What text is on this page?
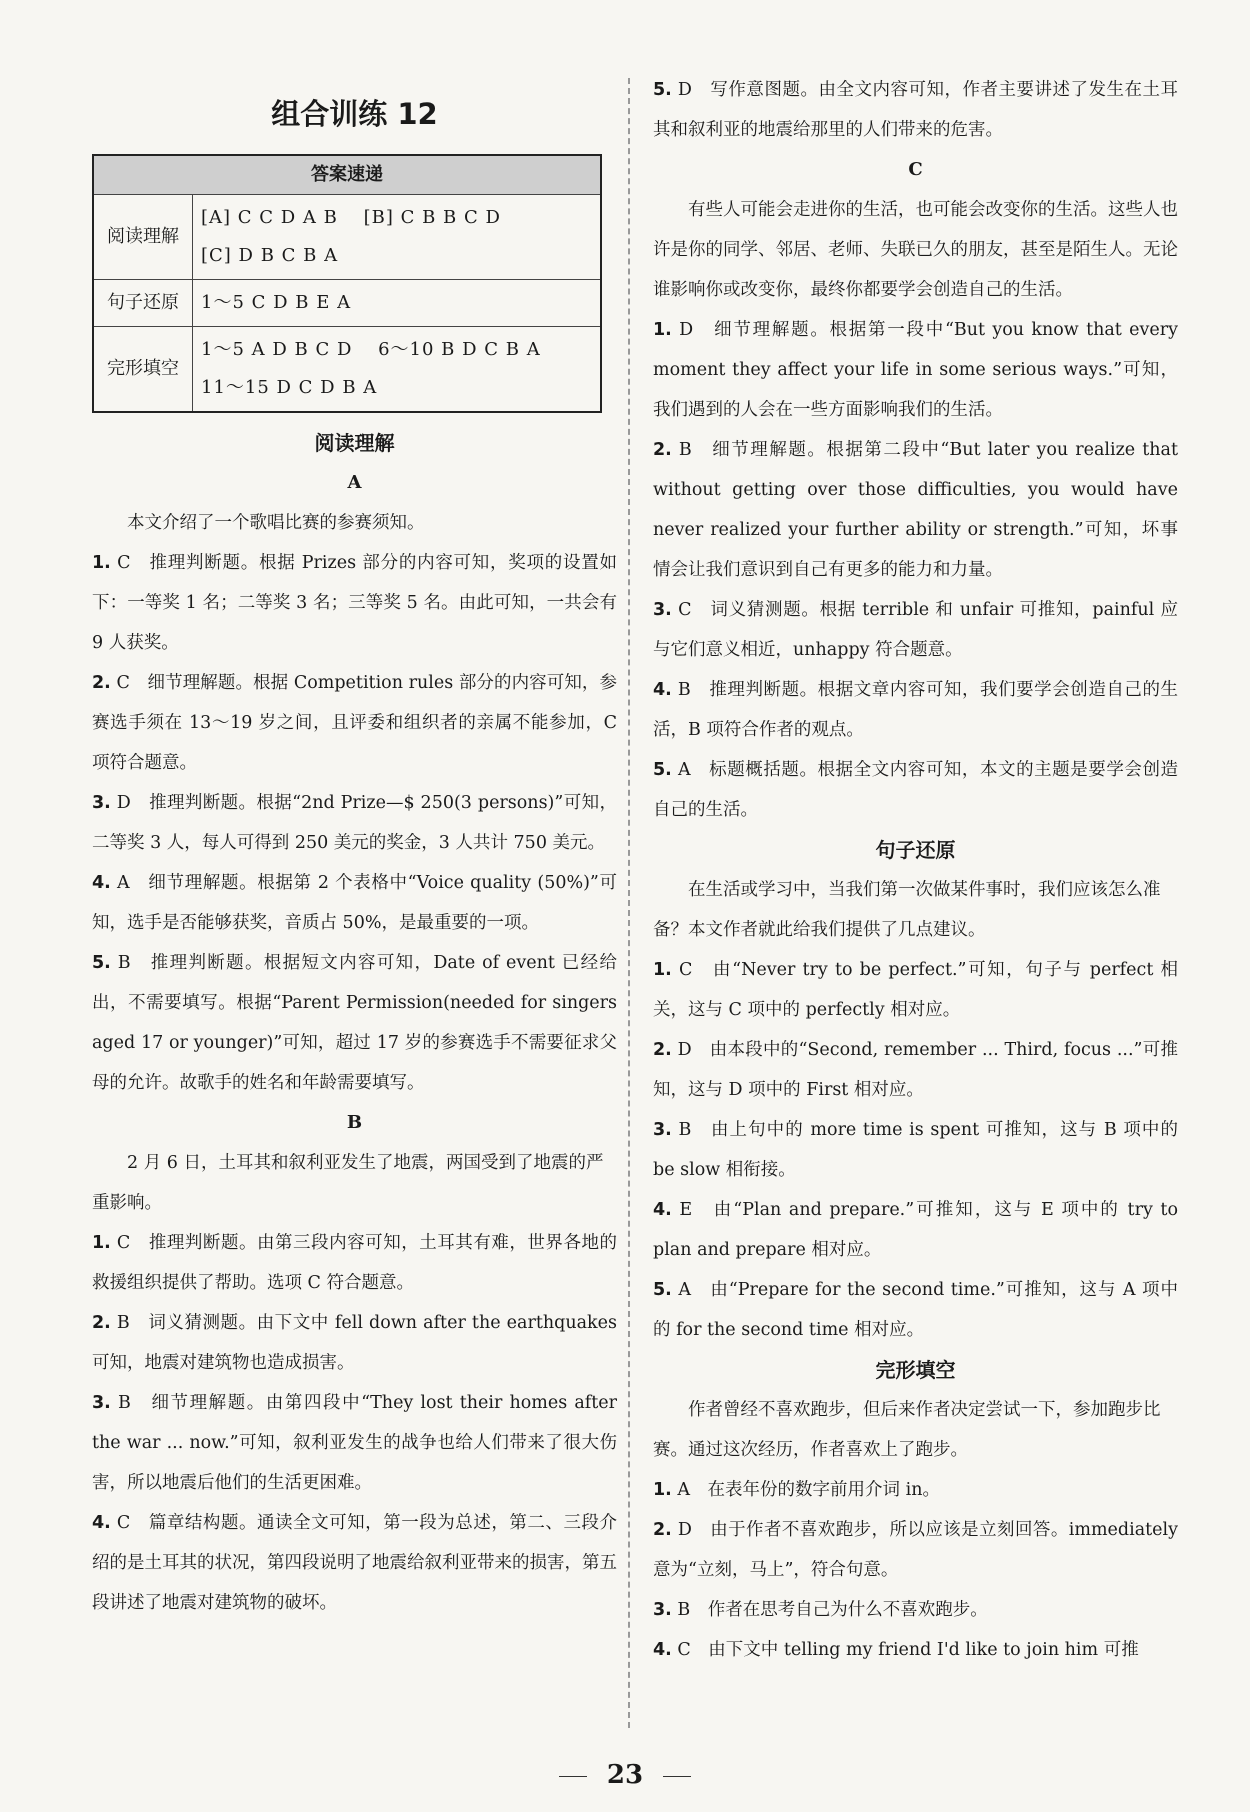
组合训练 12
答案速递	
阅读理解	[A] C C D A B　 [B] C B B C D
[C] D B C B A

句子还原	1～5 C D B E A

完形填空	1～5 A D B C D　 6～10 B D C B A
11～15 D C D B A
阅读理解
A

本文介绍了一个歌唱比赛的参赛须知。

1. C　推理判断题。根据 Prizes 部分的内容可知，奖项的设置如下：一等奖 1 名；二等奖 3 名；三等奖 5 名。由此可知，一共会有 9 人获奖。

2. C　细节理解题。根据 Competition rules 部分的内容可知，参赛选手须在 13～19 岁之间，且评委和组织者的亲属不能参加，C 项符合题意。

3. D　推理判断题。根据“2nd Prize—$ 250(3 persons)”可知，二等奖 3 人，每人可得到 250 美元的奖金，3 人共计 750 美元。

4. A　细节理解题。根据第 2 个表格中“Voice quality (50%)”可知，选手是否能够获奖，音质占 50%，是最重要的一项。

5. B　推理判断题。根据短文内容可知，Date of event 已经给出，不需要填写。根据“Parent Permission(needed for singers aged 17 or younger)”可知，超过 17 岁的参赛选手不需要征求父母的允许。故歌手的姓名和年龄需要填写。

B

2 月 6 日，土耳其和叙利亚发生了地震，两国受到了地震的严重影响。

1. C　推理判断题。由第三段内容可知，土耳其有难，世界各地的救援组织提供了帮助。选项 C 符合题意。

2. B　词义猜测题。由下文中 fell down after the earthquakes 可知，地震对建筑物也造成损害。

3. B　细节理解题。由第四段中“They lost their homes after the war ... now.”可知，叙利亚发生的战争也给人们带来了很大伤害，所以地震后他们的生活更困难。

4. C　篇章结构题。通读全文可知，第一段为总述，第二、三段介绍的是土耳其的状况，第四段说明了地震给叙利亚带来的损害，第五段讲述了地震对建筑物的破坏。

5. D　写作意图题。由全文内容可知，作者主要讲述了发生在土耳其和叙利亚的地震给那里的人们带来的危害。

C

有些人可能会走进你的生活，也可能会改变你的生活。这些人也许是你的同学、邻居、老师、失联已久的朋友，甚至是陌生人。无论谁影响你或改变你，最终你都要学会创造自己的生活。

1. D　细节理解题。根据第一段中“But you know that every moment they affect your life in some serious ways.”可知，我们遇到的人会在一些方面影响我们的生活。

2. B　细节理解题。根据第二段中“But later you realize that without getting over those difficulties, you would have never realized your further ability or strength.”可知，坏事情会让我们意识到自己有更多的能力和力量。

3. C　词义猜测题。根据 terrible 和 unfair 可推知，painful 应与它们意义相近，unhappy 符合题意。

4. B　推理判断题。根据文章内容可知，我们要学会创造自己的生活，B 项符合作者的观点。

5. A　标题概括题。根据全文内容可知，本文的主题是要学会创造自己的生活。

句子还原

在生活或学习中，当我们第一次做某件事时，我们应该怎么准备？本文作者就此给我们提供了几点建议。

1. C　由“Never try to be perfect.”可知，句子与 perfect 相关，这与 C 项中的 perfectly 相对应。

2. D　由本段中的“Second, remember ... Third, focus ...”可推知，这与 D 项中的 First 相对应。

3. B　由上句中的 more time is spent 可推知，这与 B 项中的 be slow 相衔接。

4. E　由“Plan and prepare.”可推知，这与 E 项中的 try to plan and prepare 相对应。

5. A　由“Prepare for the second time.”可推知，这与 A 项中的 for the second time 相对应。

完形填空

作者曾经不喜欢跑步，但后来作者决定尝试一下，参加跑步比赛。通过这次经历，作者喜欢上了跑步。

1. A　在表年份的数字前用介词 in。

2. D　由于作者不喜欢跑步，所以应该是立刻回答。immediately 意为“立刻，马上”，符合句意。

3. B　作者在思考自己为什么不喜欢跑步。

4. C　由下文中 telling my friend I'd like to join him 可推

23
